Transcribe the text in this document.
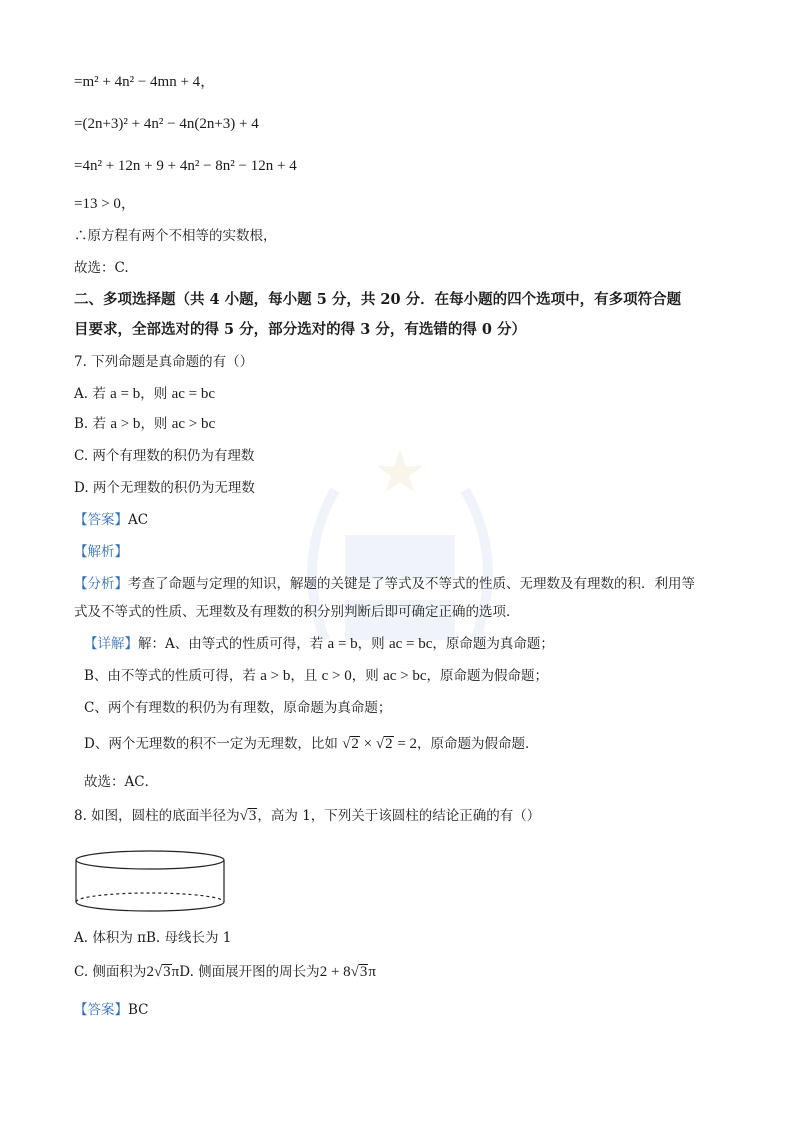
=m² + 4n² − 4mn + 4，
=(2n+3)² + 4n² − 4n(2n+3) + 4
=4n² + 12n + 9 + 4n² − 8n² − 12n + 4
=13 > 0，
∴原方程有两个不相等的实数根，
故选：C.
二、多项选择题（共 4 小题，每小题 5 分，共 20 分．在每小题的四个选项中，有多项符合题
目要求，全部选对的得 5 分，部分选对的得 3 分，有选错的得 0 分）
7. 下列命题是真命题的有（）
A. 若 a = b，则 ac = bc
B. 若 a > b，则 ac > bc
C. 两个有理数的积仍为有理数
D. 两个无理数的积仍为无理数
【答案】AC
【解析】
【分析】考查了命题与定理的知识，解题的关键是了等式及不等式的性质、无理数及有理数的积．利用等
式及不等式的性质、无理数及有理数的积分别判断后即可确定正确的选项．
【详解】解：A、由等式的性质可得，若 a = b，则 ac = bc，原命题为真命题；
B、由不等式的性质可得，若 a > b，且 c > 0，则 ac > bc，原命题为假命题；
C、两个有理数的积仍为有理数，原命题为真命题；
D、两个无理数的积不一定为无理数，比如 √2 × √2 = 2，原命题为假命题．
故选：AC．
8. 如图，圆柱的底面半径为√3，高为 1，下列关于该圆柱的结论正确的有（）
A. 体积为 πB. 母线长为 1
C. 侧面积为2√3πD. 侧面展开图的周长为2 + 8√3π
【答案】BC
